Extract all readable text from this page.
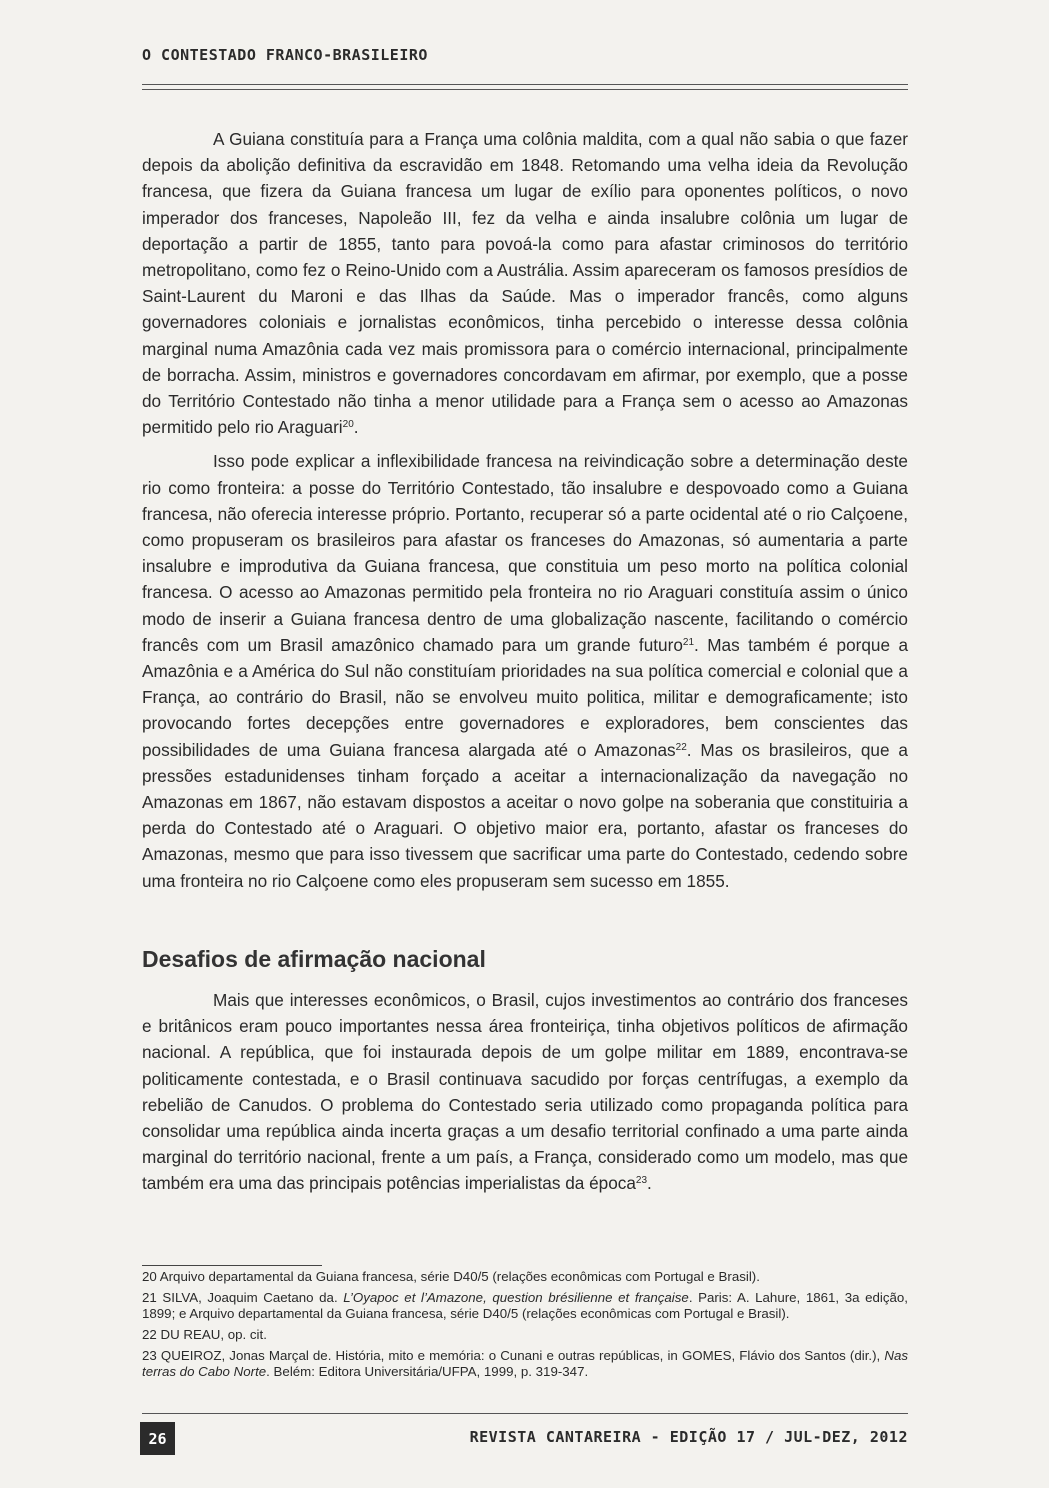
O CONTESTADO FRANCO-BRASILEIRO

A Guiana constituía para a França uma colônia maldita, com a qual não sabia o que fazer depois da abolição definitiva da escravidão em 1848. Retomando uma velha ideia da Revolução francesa, que fizera da Guiana francesa um lugar de exílio para oponentes políticos, o novo imperador dos franceses, Napoleão III, fez da velha e ainda insalubre colônia um lugar de deportação a partir de 1855, tanto para povoá-la como para afastar criminosos do território metropolitano, como fez o Reino-Unido com a Austrália. Assim apareceram os famosos presídios de Saint-Laurent du Maroni e das Ilhas da Saúde. Mas o imperador francês, como alguns governadores coloniais e jornalistas econômicos, tinha percebido o interesse dessa colônia marginal numa Amazônia cada vez mais promissora para o comércio internacional, principalmente de borracha. Assim, ministros e governadores concordavam em afirmar, por exemplo, que a posse do Território Contestado não tinha a menor utilidade para a França sem o acesso ao Amazonas permitido pelo rio Araguari$^{20}$.

Isso pode explicar a inflexibilidade francesa na reivindicação sobre a determinação deste rio como fronteira: a posse do Território Contestado, tão insalubre e despovoado como a Guiana francesa, não oferecia interesse próprio. Portanto, recuperar só a parte ocidental até o rio Calçoene, como propuseram os brasileiros para afastar os franceses do Amazonas, só aumentaria a parte insalubre e improdutiva da Guiana francesa, que constituia um peso morto na política colonial francesa. O acesso ao Amazonas permitido pela fronteira no rio Araguari constituía assim o único modo de inserir a Guiana francesa dentro de uma globalização nascente, facilitando o comércio francês com um Brasil amazônico chamado para um grande futuro$^{21}$. Mas também é porque a Amazônia e a América do Sul não constituíam prioridades na sua política comercial e colonial que a França, ao contrário do Brasil, não se envolveu muito politica, militar e demograficamente; isto provocando fortes decepções entre governadores e exploradores, bem conscientes das possibilidades de uma Guiana francesa alargada até o Amazonas$^{22}$. Mas os brasileiros, que a pressões estadunidenses tinham forçado a aceitar a internacionalização da navegação no Amazonas em 1867, não estavam dispostos a aceitar o novo golpe na soberania que constituiria a perda do Contestado até o Araguari. O objetivo maior era, portanto, afastar os franceses do Amazonas, mesmo que para isso tivessem que sacrificar uma parte do Contestado, cedendo sobre uma fronteira no rio Calçoene como eles propuseram sem sucesso em 1855.

Desafios de afirmação nacional

Mais que interesses econômicos, o Brasil, cujos investimentos ao contrário dos franceses e britânicos eram pouco importantes nessa área fronteiriça, tinha objetivos políticos de afirmação nacional. A república, que foi instaurada depois de um golpe militar em 1889, encontrava-se politicamente contestada, e o Brasil continuava sacudido por forças centrífugas, a exemplo da rebelião de Canudos. O problema do Contestado seria utilizado como propaganda política para consolidar uma república ainda incerta graças a um desafio territorial confinado a uma parte ainda marginal do território nacional, frente a um país, a França, considerado como um modelo, mas que também era uma das principais potências imperialistas da época$^{23}$.

20 Arquivo departamental da Guiana francesa, série D40/5 (relações econômicas com Portugal e Brasil).
21 SILVA, Joaquim Caetano da. L’Oyapoc et l’Amazone, question brésilienne et française. Paris: A. Lahure, 1861, 3a edição, 1899; e Arquivo departamental da Guiana francesa, série D40/5 (relações econômicas com Portugal e Brasil).
22 DU REAU, op. cit.
23 QUEIROZ, Jonas Marçal de. História, mito e memória: o Cunani e outras repúblicas, in GOMES, Flávio dos Santos (dir.), Nas terras do Cabo Norte. Belém: Editora Universitária/UFPA, 1999, p. 319-347.
26	REVISTA CANTAREIRA - EDIÇÃO 17 / JUL-DEZ, 2012
